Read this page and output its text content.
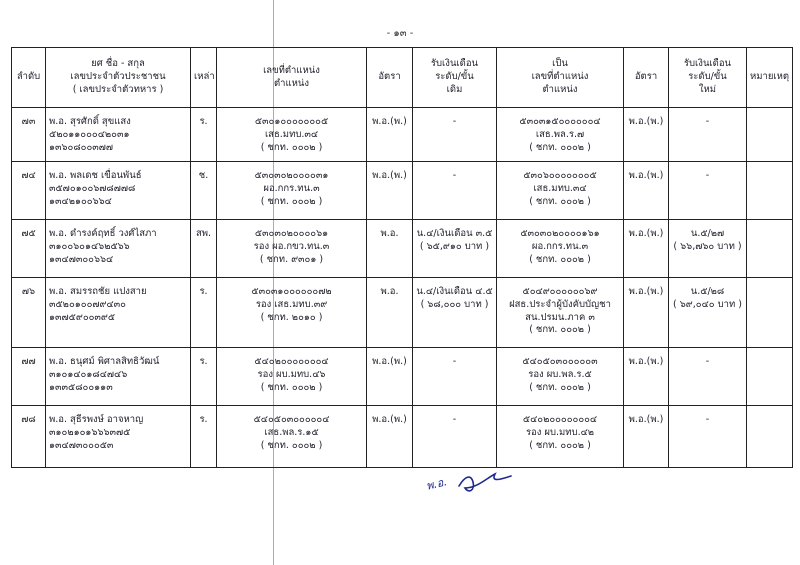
- ๑๓ -
ลำดับ	ยศ ชื่อ - สกุล
เลขประจำตัวประชาชน
( เลขประจำตัวทหาร )	เหล่า	เลขที่ตำแหน่ง
ตำแหน่ง	อัตรา	รับเงินเดือน
ระดับ/ขั้น
เดิม	เป็น
เลขที่ตำแหน่ง
ตำแหน่ง	อัตรา	รับเงินเดือน
ระดับ/ขั้น
ใหม่	หมายเหตุ
๗๓	พ.อ. สุรศักดิ์ สุขแสง
๕๒๐๑๑๐๐๐๔๒๐๓๑
๑๓๖๐๘๐๐๓๗๗	ร.	๕๓๐๑๐๐๐๐๐๐๐๕
เสธ.มทบ.๓๔
( ชกท. ๐๐๐๒ )	พ.อ.(พ.)	-	๕๓๐๓๑๕๐๐๐๐๐๐๔
เสธ.พล.ร.๗
( ชกท. ๐๐๐๒ )	พ.อ.(พ.)	-	

๗๔	พ.อ. พลเดช เขื่อนพันธ์
๓๕๗๐๑๐๐๖๗๘๗๗๘
๑๓๔๒๑๐๐๖๖๔	ช.	๕๓๐๓๐๒๐๐๐๐๓๑
ผอ.กกร.ทน.๓
( ชกท. ๐๐๐๒ )	พ.อ.(พ.)	-	๕๓๐๖๐๐๐๐๐๐๐๕
เสธ.มทบ.๓๔
( ชกท. ๐๐๐๒ )	พ.อ.(พ.)	-	

๗๕	พ.อ. ดำรงค์ฤทธิ์ วงศ์ไสภา
๓๑๐๐๖๐๑๔๖๒๕๖๖
๑๓๔๗๓๐๐๖๖๔	สพ.	๕๓๐๓๐๒๐๐๐๐๖๑
รอง ผอ.กขว.ทน.๓
( ชกท. ๙๓๐๑ )	พ.อ.	น.๔/เงินเดือน ๓.๕
( ๖๕,๙๑๐ บาท )	๕๓๐๓๐๒๐๐๐๐๑๖๑
ผอ.กกร.ทน.๓
( ชกท. ๐๐๐๒ )	พ.อ.(พ.)	น.๕/๒๗
( ๖๖,๗๖๐ บาท )	

๗๖	พ.อ. สมรรถชัย แปงสาย
๓๕๒๐๑๐๐๗๙๔๓๐
๑๓๗๕๙๐๐๓๙๕	ร.	๕๓๐๓๑๐๐๐๐๐๐๗๒
รอง เสธ.มทบ.๓๙
( ชกท. ๒๐๑๐ )	พ.อ.	น.๔/เงินเดือน ๔.๕
( ๖๘,๐๐๐ บาท )	๕๐๔๙๐๐๐๐๐๐๖๙
ฝสธ.ประจำผู้บังคับบัญชา
สน.ปรมน.ภาค ๓
( ชกท. ๐๐๐๒ )	พ.อ.(พ.)	น.๕/๒๘
( ๖๙,๐๔๐ บาท )	

๗๗	พ.อ. ธนุศม์ พิศาลสิทธิวัฒน์
๓๑๐๑๔๐๑๘๔๗๔๖
๑๓๓๕๘๐๐๑๑๓	ร.	๕๔๐๒๐๐๐๐๐๐๐๔
รอง ผบ.มทบ.๔๖
( ชกท. ๐๐๐๒ )	พ.อ.(พ.)	-	๕๔๐๕๐๓๐๐๐๐๐๓
รอง ผบ.พล.ร.๕
( ชกท. ๐๐๐๒ )	พ.อ.(พ.)	-	

๗๘	พ.อ. สุธีรพงษ์ อาจหาญ
๓๑๐๒๑๐๑๖๖๖๓๗๕
๑๓๔๗๓๐๐๐๕๓	ร.	๕๔๐๕๐๓๐๐๐๐๐๔
เสธ.พล.ร.๑๕
( ชกท. ๐๐๐๒ )	พ.อ.(พ.)	-	๕๔๐๒๐๐๐๐๐๐๐๔
รอง ผบ.มทบ.๔๒
( ชกท. ๐๐๐๒ )	พ.อ.(พ.)	-	

พ.อ.
